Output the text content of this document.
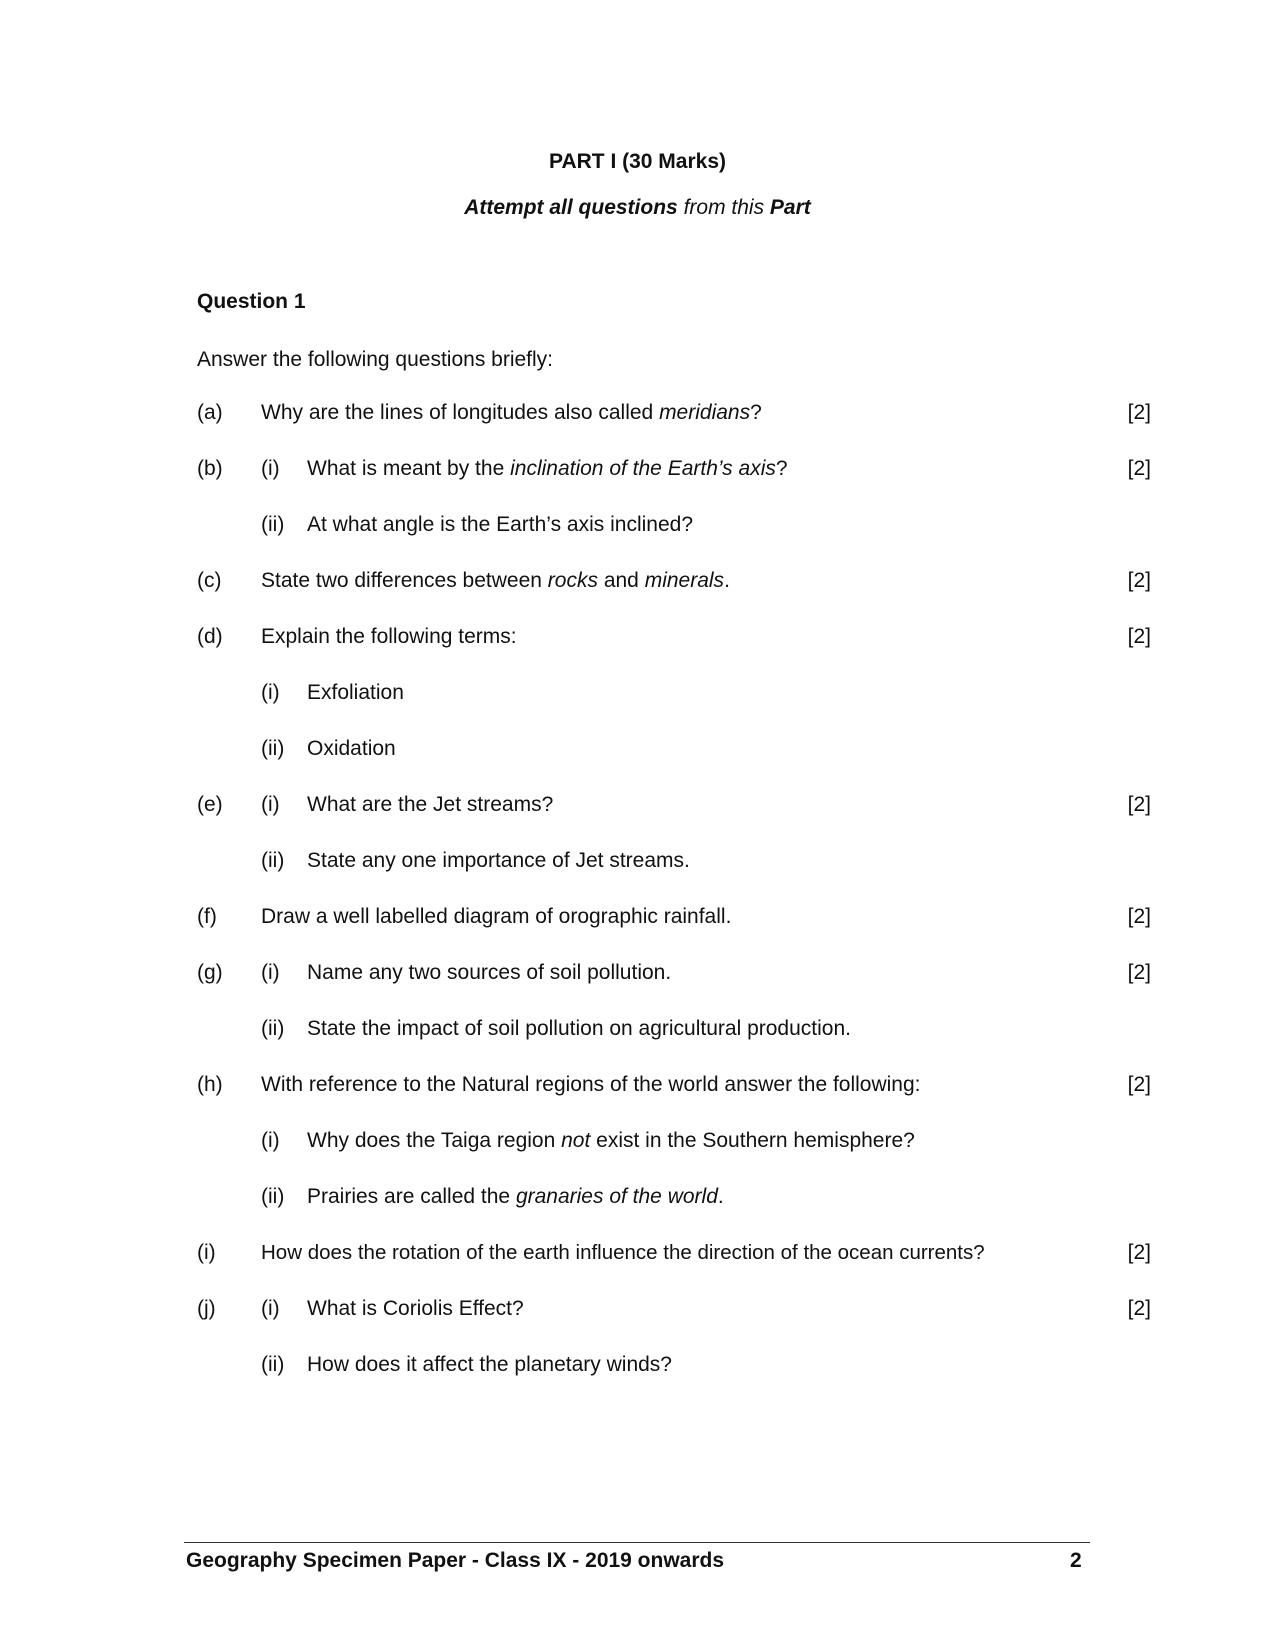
PART I (30 Marks)
Attempt all questions from this Part
Question 1
Answer the following questions briefly:
(a) Why are the lines of longitudes also called meridians?	[2]
(b) (i) What is meant by the inclination of the Earth’s axis?	[2]
(ii) At what angle is the Earth’s axis inclined?
(c) State two differences between rocks and minerals.	[2]
(d) Explain the following terms:	[2]
(i) Exfoliation
(ii) Oxidation
(e) (i) What are the Jet streams?	[2]
(ii) State any one importance of Jet streams.
(f) Draw a well labelled diagram of orographic rainfall.	[2]
(g) (i) Name any two sources of soil pollution.	[2]
(ii) State the impact of soil pollution on agricultural production.
(h) With reference to the Natural regions of the world answer the following:	[2]
(i) Why does the Taiga region not exist in the Southern hemisphere?
(ii) Prairies are called the granaries of the world.
(i) How does the rotation of the earth influence the direction of the ocean currents?	[2]
(j) (i) What is Coriolis Effect?	[2]
(ii) How does it affect the planetary winds?
Geography Specimen Paper - Class IX - 2019 onwards	2
